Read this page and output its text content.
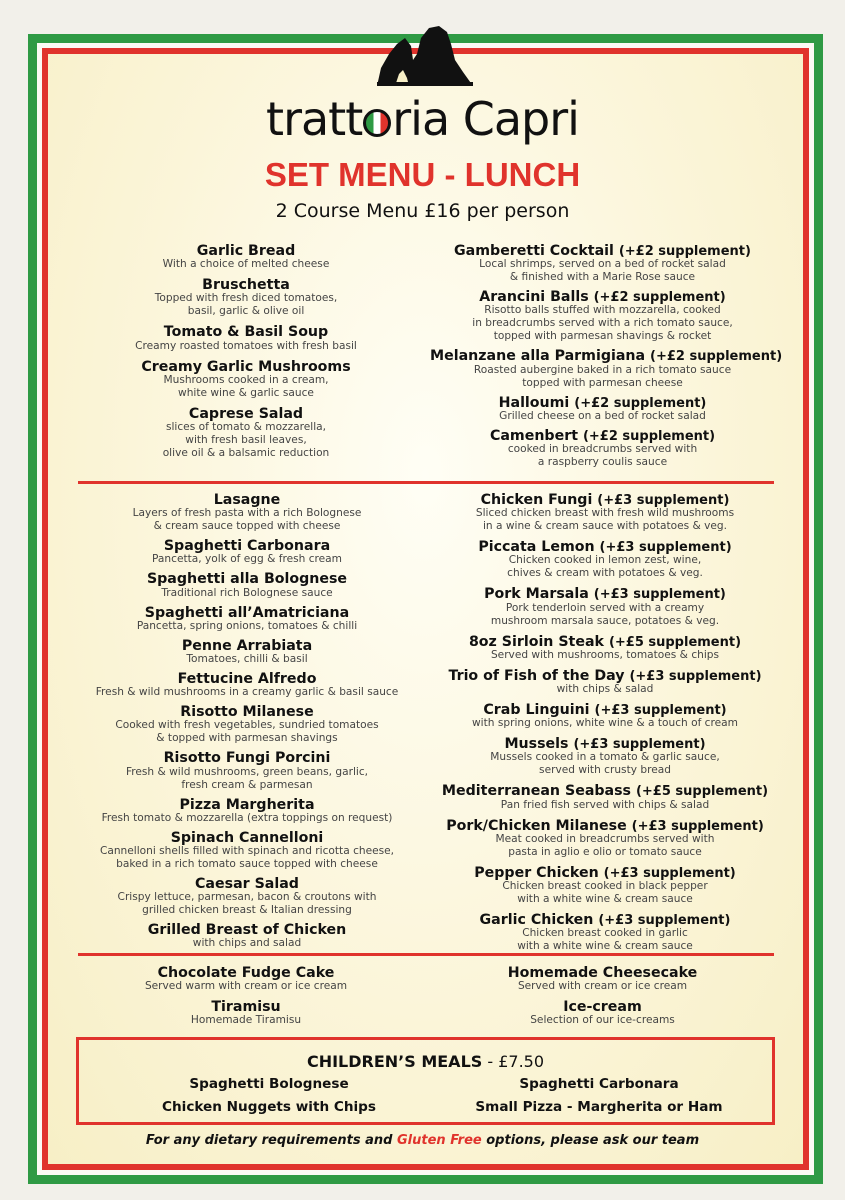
tratt ria Capri
SET MENU - LUNCH
2 Course Menu £16 per person
Garlic Bread
With a choice of melted cheese
Bruschetta
Topped with fresh diced tomatoes,
basil, garlic & olive oil
Tomato & Basil Soup
Creamy roasted tomatoes with fresh basil
Creamy Garlic Mushrooms
Mushrooms cooked in a cream,
white wine & garlic sauce
Caprese Salad
slices of tomato & mozzarella,
with fresh basil leaves,
olive oil & a balsamic reduction
Gamberetti Cocktail (+£2 supplement)
Local shrimps, served on a bed of rocket salad
& finished with a Marie Rose sauce
Arancini Balls (+£2 supplement)
Risotto balls stuffed with mozzarella, cooked
in breadcrumbs served with a rich tomato sauce,
topped with parmesan shavings & rocket
Melanzane alla Parmigiana (+£2 supplement)
Roasted aubergine baked in a rich tomato sauce
topped with parmesan cheese
Halloumi (+£2 supplement)
Grilled cheese on a bed of rocket salad
Camenbert (+£2 supplement)
cooked in breadcrumbs served with
a raspberry coulis sauce
Lasagne
Layers of fresh pasta with a rich Bolognese
& cream sauce topped with cheese
Spaghetti Carbonara
Pancetta, yolk of egg & fresh cream
Spaghetti alla Bolognese
Traditional rich Bolognese sauce
Spaghetti all’Amatriciana
Pancetta, spring onions, tomatoes & chilli
Penne Arrabiata
Tomatoes, chilli & basil
Fettucine Alfredo
Fresh & wild mushrooms in a creamy garlic & basil sauce
Risotto Milanese
Cooked with fresh vegetables, sundried tomatoes
& topped with parmesan shavings
Risotto Fungi Porcini
Fresh & wild mushrooms, green beans, garlic,
fresh cream & parmesan
Pizza Margherita
Fresh tomato & mozzarella (extra toppings on request)
Spinach Cannelloni
Cannelloni shells filled with spinach and ricotta cheese,
baked in a rich tomato sauce topped with cheese
Caesar Salad
Crispy lettuce, parmesan, bacon & croutons with
grilled chicken breast & Italian dressing
Grilled Breast of Chicken
with chips and salad
Chicken Fungi (+£3 supplement)
Sliced chicken breast with fresh wild mushrooms
in a wine & cream sauce with potatoes & veg.
Piccata Lemon (+£3 supplement)
Chicken cooked in lemon zest, wine,
chives & cream with potatoes & veg.
Pork Marsala (+£3 supplement)
Pork tenderloin served with a creamy
mushroom marsala sauce, potatoes & veg.
8oz Sirloin Steak (+£5 supplement)
Served with mushrooms, tomatoes & chips
Trio of Fish of the Day (+£3 supplement)
with chips & salad
Crab Linguini (+£3 supplement)
with spring onions, white wine & a touch of cream
Mussels (+£3 supplement)
Mussels cooked in a tomato & garlic sauce,
served with crusty bread
Mediterranean Seabass (+£5 supplement)
Pan fried fish served with chips & salad
Pork/Chicken Milanese (+£3 supplement)
Meat cooked in breadcrumbs served with
pasta in aglio e olio or tomato sauce
Pepper Chicken (+£3 supplement)
Chicken breast cooked in black pepper
with a white wine & cream sauce
Garlic Chicken (+£3 supplement)
Chicken breast cooked in garlic
with a white wine & cream sauce
Chocolate Fudge Cake
Served warm with cream or ice cream
Tiramisu
Homemade Tiramisu
Homemade Cheesecake
Served with cream or ice cream
Ice-cream
Selection of our ice-creams
CHILDREN’S MEALS - £7.50
Spaghetti Bolognese	Spaghetti Carbonara
Chicken Nuggets with Chips	Small Pizza - Margherita or Ham
For any dietary requirements and Gluten Free options, please ask our team
